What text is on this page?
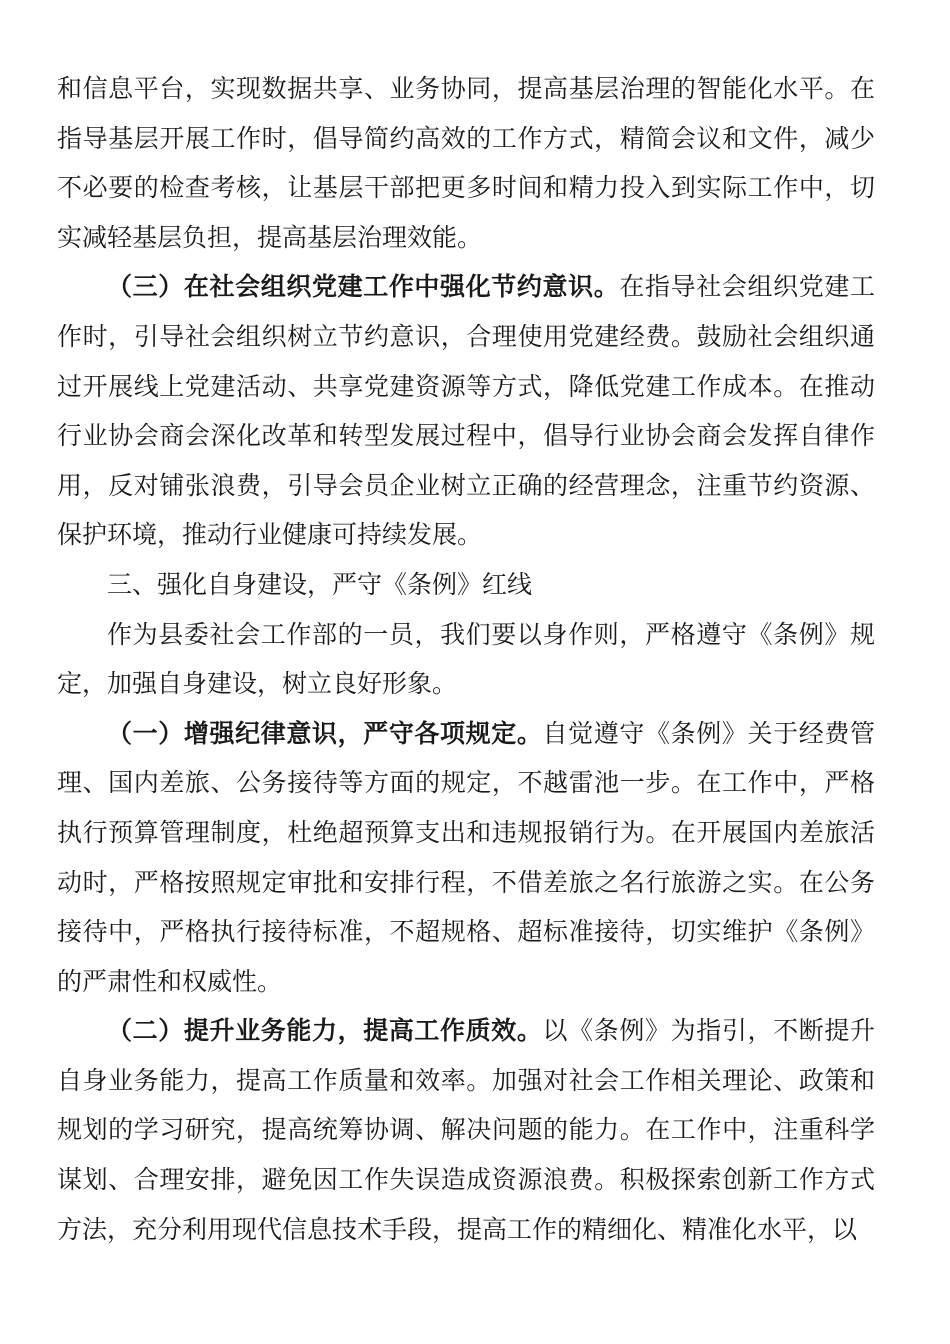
和信息平台，实现数据共享、业务协同，提高基层治理的智能化水平。在指导基层开展工作时，倡导简约高效的工作方式，精简会议和文件，减少不必要的检查考核，让基层干部把更多时间和精力投入到实际工作中，切实减轻基层负担，提高基层治理效能。

（三）在社会组织党建工作中强化节约意识。在指导社会组织党建工作时，引导社会组织树立节约意识，合理使用党建经费。鼓励社会组织通过开展线上党建活动、共享党建资源等方式，降低党建工作成本。在推动行业协会商会深化改革和转型发展过程中，倡导行业协会商会发挥自律作用，反对铺张浪费，引导会员企业树立正确的经营理念，注重节约资源、保护环境，推动行业健康可持续发展。

三、强化自身建设，严守《条例》红线

作为县委社会工作部的一员，我们要以身作则，严格遵守《条例》规定，加强自身建设，树立良好形象。

（一）增强纪律意识，严守各项规定。自觉遵守《条例》关于经费管理、国内差旅、公务接待等方面的规定，不越雷池一步。在工作中，严格执行预算管理制度，杜绝超预算支出和违规报销行为。在开展国内差旅活动时，严格按照规定审批和安排行程，不借差旅之名行旅游之实。在公务接待中，严格执行接待标准，不超规格、超标准接待，切实维护《条例》的严肃性和权威性。

（二）提升业务能力，提高工作质效。以《条例》为指引，不断提升自身业务能力，提高工作质量和效率。加强对社会工作相关理论、政策和规划的学习研究，提高统筹协调、解决问题的能力。在工作中，注重科学谋划、合理安排，避免因工作失误造成资源浪费。积极探索创新工作方式方法，充分利用现代信息技术手段，提高工作的精细化、精准化水平，以
